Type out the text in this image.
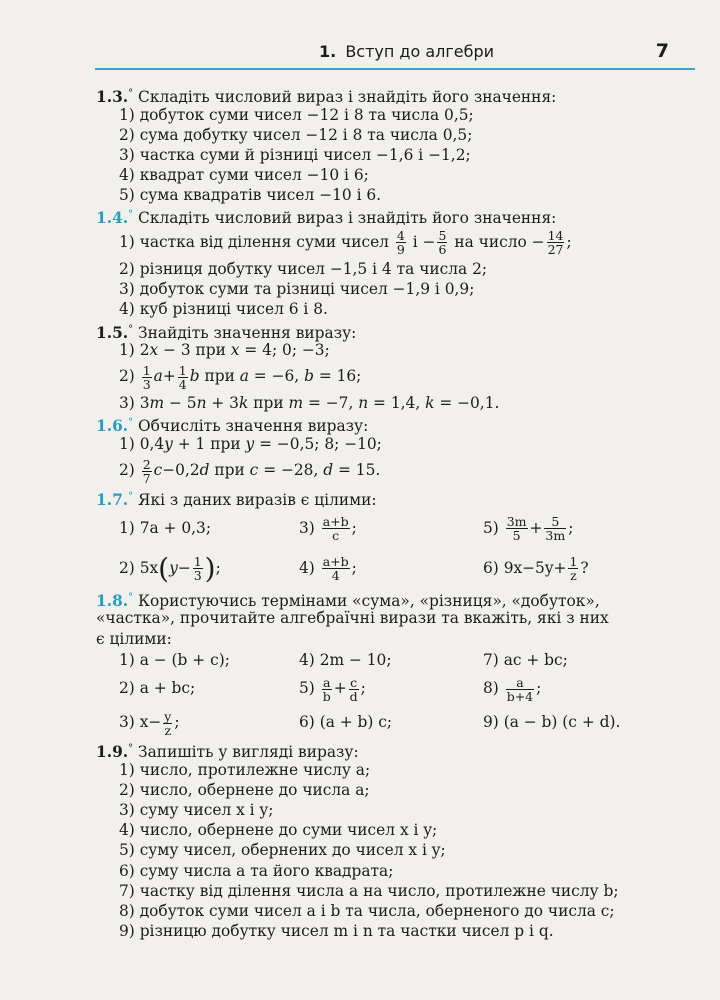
1. Вступ до алгебри	7
1.3.° Складіть числовий вираз і знайдіть його значення:
1) добуток суми чисел −12 і 8 та числа 0,5;
2) сума добутку чисел −12 і 8 та числа 0,5;
3) частка суми й різниці чисел −1,6 і −1,2;
4) квадрат суми чисел −10 і 6;
5) сума квадратів чисел −10 і 6.
1.4.° Складіть числовий вираз і знайдіть його значення:
1) частка від ділення суми чисел $\frac{4}{9}$ $і - \frac{5}{6}$ на число − $\frac{14}{27}$ ;
2) різниця добутку чисел −1,5 і 4 та числа 2;
3) добуток суми та різниці чисел −1,9 і 0,9;
4) куб різниці чисел 6 і 8.
1.5.° Знайдіть значення виразу:
1) 2x − 3 при x = 4; 0; −3;
$2) \frac{1}{3} a+ \frac{1}{4}$ b при a = −6, b = 16;
3) 3m − 5n + 3k при m = −7, n = 1,4, k = −0,1.
1.6.° Обчисліть значення виразу:
1) 0,4y + 1 при y = −0,5; 8; −10;
$2) \frac{2}{7} c-0,2d$ при c = −28, d = 15.
1.7.° Які з даних виразів є цілими:
1) 7a + 0,3;	$3) \frac{a+b}{c}$ ;	$5) \frac{3m}{5} + \frac{5}{3m}$ ;
2) $5x(y- \frac{1}{3}$ );	$4) \frac{a+b}{4}$ ;	6) $9x-5y+ \frac{1}{z}$ ?
1.8.° Користуючись термінами «сума», «різниця», «добуток»,
«частка», прочитайте алгебраїчні вирази та вкажіть, які з них
є цілими:
1) a − (b + c);	4) 2m − 10;	7) ac + bc;
2) a + bc;	$5) \frac{a}{b} + \frac{c}{d}$ ;	$8) \frac{a}{b+4}$ ;
3) $x- \frac{y}{z}$ ;	6) (a + b) c;	9) (a − b) (c + d).
1.9.° Запишіть у вигляді виразу:
1) число, протилежне числу a;
2) число, обернене до числа a;
3) суму чисел x і y;
4) число, обернене до суми чисел x і y;
5) суму чисел, обернених до чисел x і y;
6) суму числа a та його квадрата;
7) частку від ділення числа a на число, протилежне числу b;
8) добуток суми чисел a і b та числа, оберненого до числа c;
9) різницю добутку чисел m і n та частки чисел p і q.
